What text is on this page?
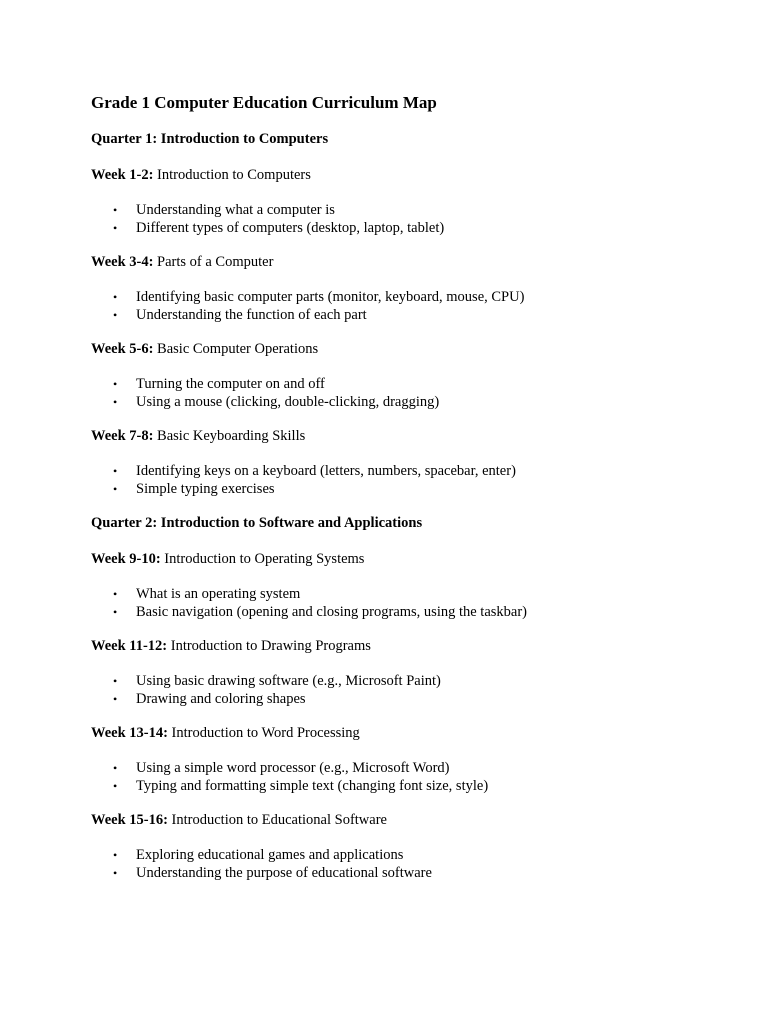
Grade 1 Computer Education Curriculum Map
Quarter 1: Introduction to Computers
Week 1-2: Introduction to Computers
• Understanding what a computer is
• Different types of computers (desktop, laptop, tablet)
Week 3-4: Parts of a Computer
• Identifying basic computer parts (monitor, keyboard, mouse, CPU)
• Understanding the function of each part
Week 5-6: Basic Computer Operations
• Turning the computer on and off
• Using a mouse (clicking, double-clicking, dragging)
Week 7-8: Basic Keyboarding Skills
• Identifying keys on a keyboard (letters, numbers, spacebar, enter)
• Simple typing exercises
Quarter 2: Introduction to Software and Applications
Week 9-10: Introduction to Operating Systems
• What is an operating system
• Basic navigation (opening and closing programs, using the taskbar)
Week 11-12: Introduction to Drawing Programs
• Using basic drawing software (e.g., Microsoft Paint)
• Drawing and coloring shapes
Week 13-14: Introduction to Word Processing
• Using a simple word processor (e.g., Microsoft Word)
• Typing and formatting simple text (changing font size, style)
Week 15-16: Introduction to Educational Software
• Exploring educational games and applications
• Understanding the purpose of educational software
